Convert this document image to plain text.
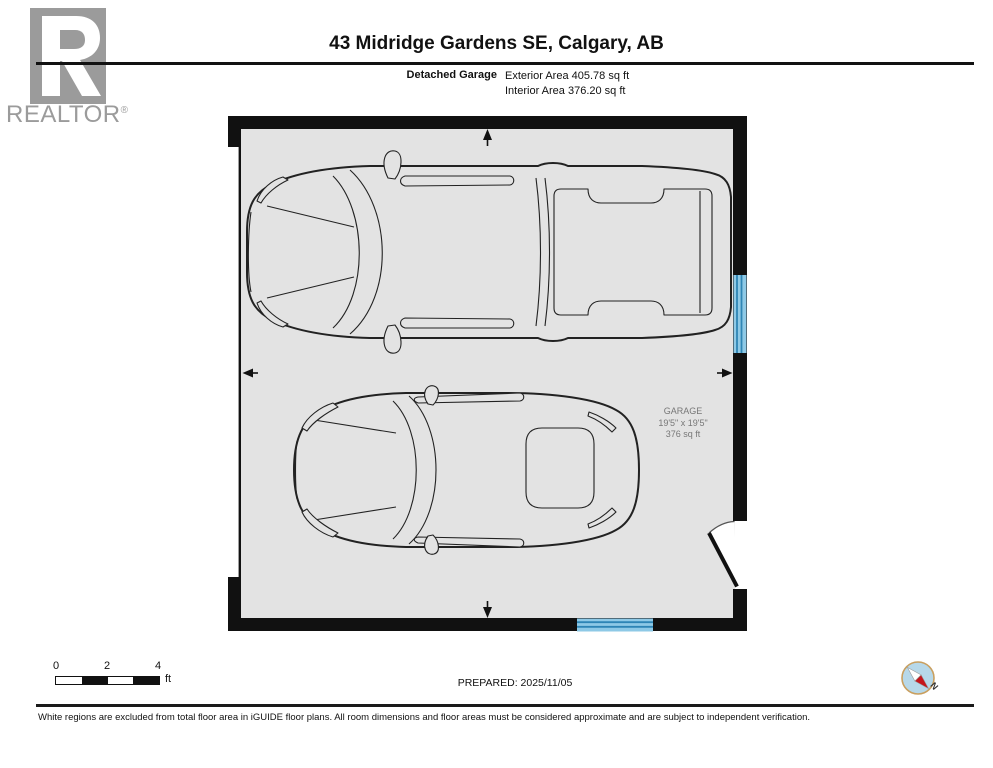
REALTOR®
43 Midridge Gardens SE, Calgary, AB
Detached Garage Exterior Area 405.78 sq ft
Interior Area 376.20 sq ft
GARAGE
19'5" x 19'5"
376 sq ft
0	2	4
ft	PREPARED: 2025/11/05	N
White regions are excluded from total floor area in iGUIDE floor plans. All room dimensions and floor areas must be considered approximate and are subject to independent verification.
